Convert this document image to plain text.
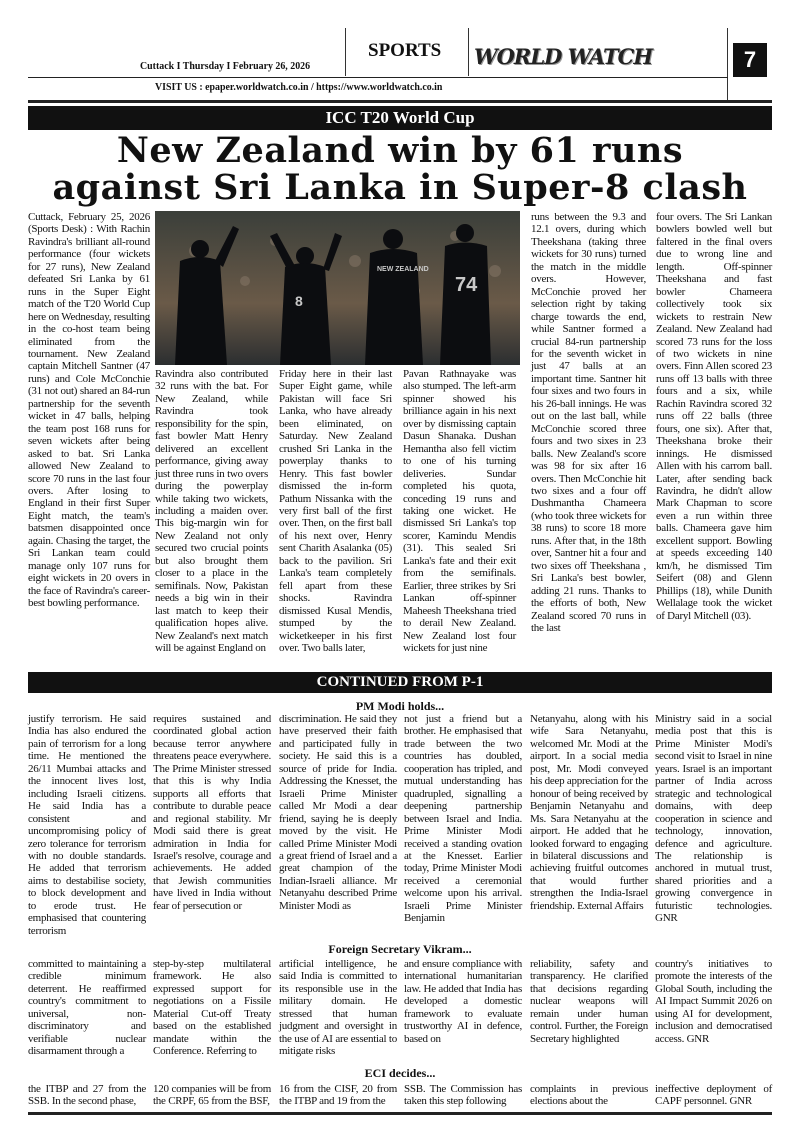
Cuttack I Thursday I February 26, 2026
SPORTS WORLD WATCH	7
VISIT US : epaper.worldwatch.co.in / https://www.worldwatch.co.in
ICC T20 World Cup
New Zealand win by 61 runs
against Sri Lanka in Super-8 clash
Cuttack, February 25, 2026 (Sports Desk) : With Rachin Ravindra's brilliant all-round performance (four wickets for 27 runs), New Zealand defeated Sri Lanka by 61 runs in the Super Eight match of the T20 World Cup here on Wednesday, resulting in the co-host team being eliminated from the tournament. New Zealand captain Mitchell Santner (47 runs) and Cole McConchie (31 not out) shared an 84-run partnership for the seventh wicket in 47 balls, helping the team post 168 runs for seven wickets after being asked to bat. Sri Lanka allowed New Zealand to score 70 runs in the last four overs. After losing to England in their first Super Eight match, the team's batsmen disappointed once again. Chasing the target, the Sri Lankan team could manage only 107 runs for eight wickets in 20 overs in the face of Ravindra's career-best bowling performance.
74
8
NEW ZEALAND
Ravindra also contributed 32 runs with the bat. For New Zealand, while Ravindra took responsibility for the spin, fast bowler Matt Henry delivered an excellent performance, giving away just three runs in two overs during the powerplay while taking two wickets, including a maiden over. This big-margin win for New Zealand not only secured two crucial points but also brought them closer to a place in the semifinals. Now, Pakistan needs a big win in their last match to keep their qualification hopes alive. New Zealand's next match will be against England on
Friday here in their last Super Eight game, while Pakistan will face Sri Lanka, who have already been eliminated, on Saturday. New Zealand crushed Sri Lanka in the powerplay thanks to Henry. This fast bowler dismissed the in-form Pathum Nissanka with the very first ball of the first over. Then, on the first ball of his next over, Henry sent Charith Asalanka (05) back to the pavilion. Sri Lanka's team completely fell apart from these shocks. Ravindra dismissed Kusal Mendis, stumped by the wicketkeeper in his first over. Two balls later,
Pavan Rathnayake was also stumped. The left-arm spinner showed his brilliance again in his next over by dismissing captain Dasun Shanaka. Dushan Hemantha also fell victim to one of his turning deliveries. Sundar completed his quota, conceding 19 runs and taking one wicket. He dismissed Sri Lanka's top scorer, Kamindu Mendis (31). This sealed Sri Lanka's fate and their exit from the semifinals. Earlier, three strikes by Sri Lankan off-spinner Maheesh Theekshana tried to derail New Zealand. New Zealand lost four wickets for just nine
runs between the 9.3 and 12.1 overs, during which Theekshana (taking three wickets for 30 runs) turned the match in the middle overs. However, McConchie proved her selection right by taking charge towards the end, while Santner formed a crucial 84-run partnership for the seventh wicket in just 47 balls at an important time. Santner hit four sixes and two fours in his 26-ball innings. He was out on the last ball, while McConchie scored three fours and two sixes in 23 balls. New Zealand's score was 98 for six after 16 overs. Then McConchie hit two sixes and a four off Dushmantha Chameera (who took three wickets for 38 runs) to score 18 more runs. After that, in the 18th over, Santner hit a four and two sixes off Theekshana , Sri Lanka's best bowler, adding 21 runs. Thanks to the efforts of both, New Zealand scored 70 runs in the last
four overs. The Sri Lankan bowlers bowled well but faltered in the final overs due to wrong line and length. Off-spinner Theekshana and fast bowler Chameera collectively took six wickets to restrain New Zealand. New Zealand had scored 73 runs for the loss of two wickets in nine overs. Finn Allen scored 23 runs off 13 balls with three fours and a six, while Rachin Ravindra scored 32 runs off 22 balls (three fours, one six). After that, Theekshana broke their innings. He dismissed Allen with his carrom ball. Later, after sending back Ravindra, he didn't allow Mark Chapman to score even a run within three balls. Chameera gave him excellent support. Bowling at speeds exceeding 140 km/h, he dismissed Tim Seifert (08) and Glenn Phillips (18), while Dunith Wellalage took the wicket of Daryl Mitchell (03).
CONTINUED FROM P-1
PM Modi holds...
justify terrorism. He said India has also endured the pain of terrorism for a long time. He mentioned the 26/11 Mumbai attacks and the innocent lives lost, including Israeli citizens. He said India has a consistent and uncompromising policy of zero tolerance for terrorism with no double standards. He added that terrorism aims to destabilise society, to block development and to erode trust. He emphasised that countering terrorism
requires sustained and coordinated global action because terror anywhere threatens peace everywhere. The Prime Minister stressed that this is why India supports all efforts that contribute to durable peace and regional stability. Mr Modi said there is great admiration in India for Israel's resolve, courage and achievements. He added that Jewish communities have lived in India without fear of persecution or
discrimination. He said they have preserved their faith and participated fully in society. He said this is a source of pride for India. Addressing the Knesset, the Israeli Prime Minister called Mr Modi a dear friend, saying he is deeply moved by the visit. He called Prime Minister Modi a great friend of Israel and a great champion of the Indian-Israeli alliance. Mr Netanyahu described Prime Minister Modi as
not just a friend but a brother. He emphasised that trade between the two countries has doubled, cooperation has tripled, and mutual understanding has quadrupled, signalling a deepening partnership between Israel and India. Prime Minister Modi received a standing ovation at the Knesset. Earlier today, Prime Minister Modi received a ceremonial welcome upon his arrival. Israeli Prime Minister Benjamin
Netanyahu, along with his wife Sara Netanyahu, welcomed Mr. Modi at the airport. In a social media post, Mr. Modi conveyed his deep appreciation for the honour of being received by Benjamin Netanyahu and Ms. Sara Netanyahu at the airport. He added that he looked forward to engaging in bilateral discussions and achieving fruitful outcomes that would further strengthen the India-Israel friendship. External Affairs
Ministry said in a social media post that this is Prime Minister Modi's second visit to Israel in nine years. Israel is an important partner of India across strategic and technological domains, with deep cooperation in science and technology, innovation, defence and agriculture. The relationship is anchored in mutual trust, shared priorities and a growing convergence in futuristic technologies. GNR
Foreign Secretary Vikram...
committed to maintaining a credible minimum deterrent. He reaffirmed country's commitment to universal, non-discriminatory and verifiable nuclear disarmament through a
step-by-step multilateral framework. He also expressed support for negotiations on a Fissile Material Cut-off Treaty based on the established mandate within the Conference. Referring to
artificial intelligence, he said India is committed to its responsible use in the military domain. He stressed that human judgment and oversight in the use of AI are essential to mitigate risks
and ensure compliance with international humanitarian law. He added that India has developed a domestic framework to evaluate trustworthy AI in defence, based on
reliability, safety and transparency. He clarified that decisions regarding nuclear weapons will remain under human control. Further, the Foreign Secretary highlighted
country's initiatives to promote the interests of the Global South, including the AI Impact Summit 2026 on using AI for development, inclusion and democratised access. GNR
ECI decides...
the ITBP and 27 from the SSB. In the second phase,
120 companies will be from the CRPF, 65 from the BSF,
16 from the CISF, 20 from the ITBP and 19 from the
SSB. The Commission has taken this step following
complaints in previous elections about the
ineffective deployment of CAPF personnel. GNR
